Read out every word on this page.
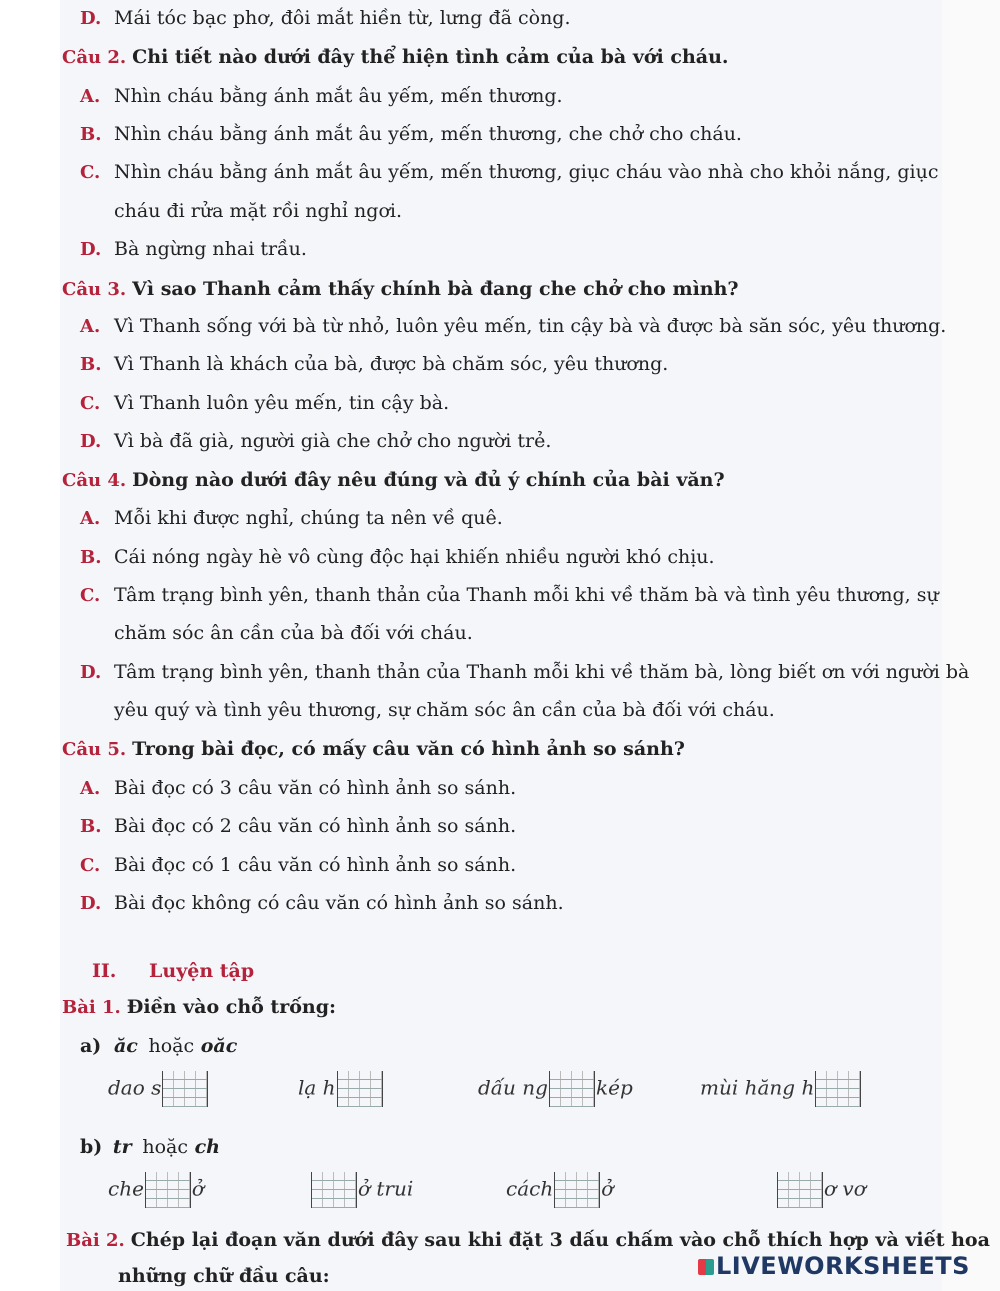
D. Mái tóc bạc phơ, đôi mắt hiền từ, lưng đã còng.
Câu 2. Chi tiết nào dưới đây thể hiện tình cảm của bà với cháu.
A. Nhìn cháu bằng ánh mắt âu yếm, mến thương.
B. Nhìn cháu bằng ánh mắt âu yếm, mến thương, che chở cho cháu.
C. Nhìn cháu bằng ánh mắt âu yếm, mến thương, giục cháu vào nhà cho khỏi nắng, giục
cháu đi rửa mặt rồi nghỉ ngơi.
D. Bà ngừng nhai trầu.
Câu 3. Vì sao Thanh cảm thấy chính bà đang che chở cho mình?
A. Vì Thanh sống với bà từ nhỏ, luôn yêu mến, tin cậy bà và được bà săn sóc, yêu thương.
B. Vì Thanh là khách của bà, được bà chăm sóc, yêu thương.
C. Vì Thanh luôn yêu mến, tin cậy bà.
D. Vì bà đã già, người già che chở cho người trẻ.
Câu 4. Dòng nào dưới đây nêu đúng và đủ ý chính của bài văn?
A. Mỗi khi được nghỉ, chúng ta nên về quê.
B. Cái nóng ngày hè vô cùng độc hại khiến nhiều người khó chịu.
C. Tâm trạng bình yên, thanh thản của Thanh mỗi khi về thăm bà và tình yêu thương, sự
chăm sóc ân cần của bà đối với cháu.
D. Tâm trạng bình yên, thanh thản của Thanh mỗi khi về thăm bà, lòng biết ơn với người bà
yêu quý và tình yêu thương, sự chăm sóc ân cần của bà đối với cháu.
Câu 5. Trong bài đọc, có mấy câu văn có hình ảnh so sánh?
A. Bài đọc có 3 câu văn có hình ảnh so sánh.
B. Bài đọc có 2 câu văn có hình ảnh so sánh.
C. Bài đọc có 1 câu văn có hình ảnh so sánh.
D. Bài đọc không có câu văn có hình ảnh so sánh.
II. Luyện tập
Bài 1. Điền vào chỗ trống:
a) ăc hoặc oăc
dao s	lạ h	dấu ng kép	mùi hăng h
b) tr hoặc ch
che ở	ở trui	cách ở	ơ vơ
Bài 2. Chép lại đoạn văn dưới đây sau khi đặt 3 dấu chấm vào chỗ thích hợp và viết hoa
những chữ đầu câu:	LIVEWORKSHEETS
